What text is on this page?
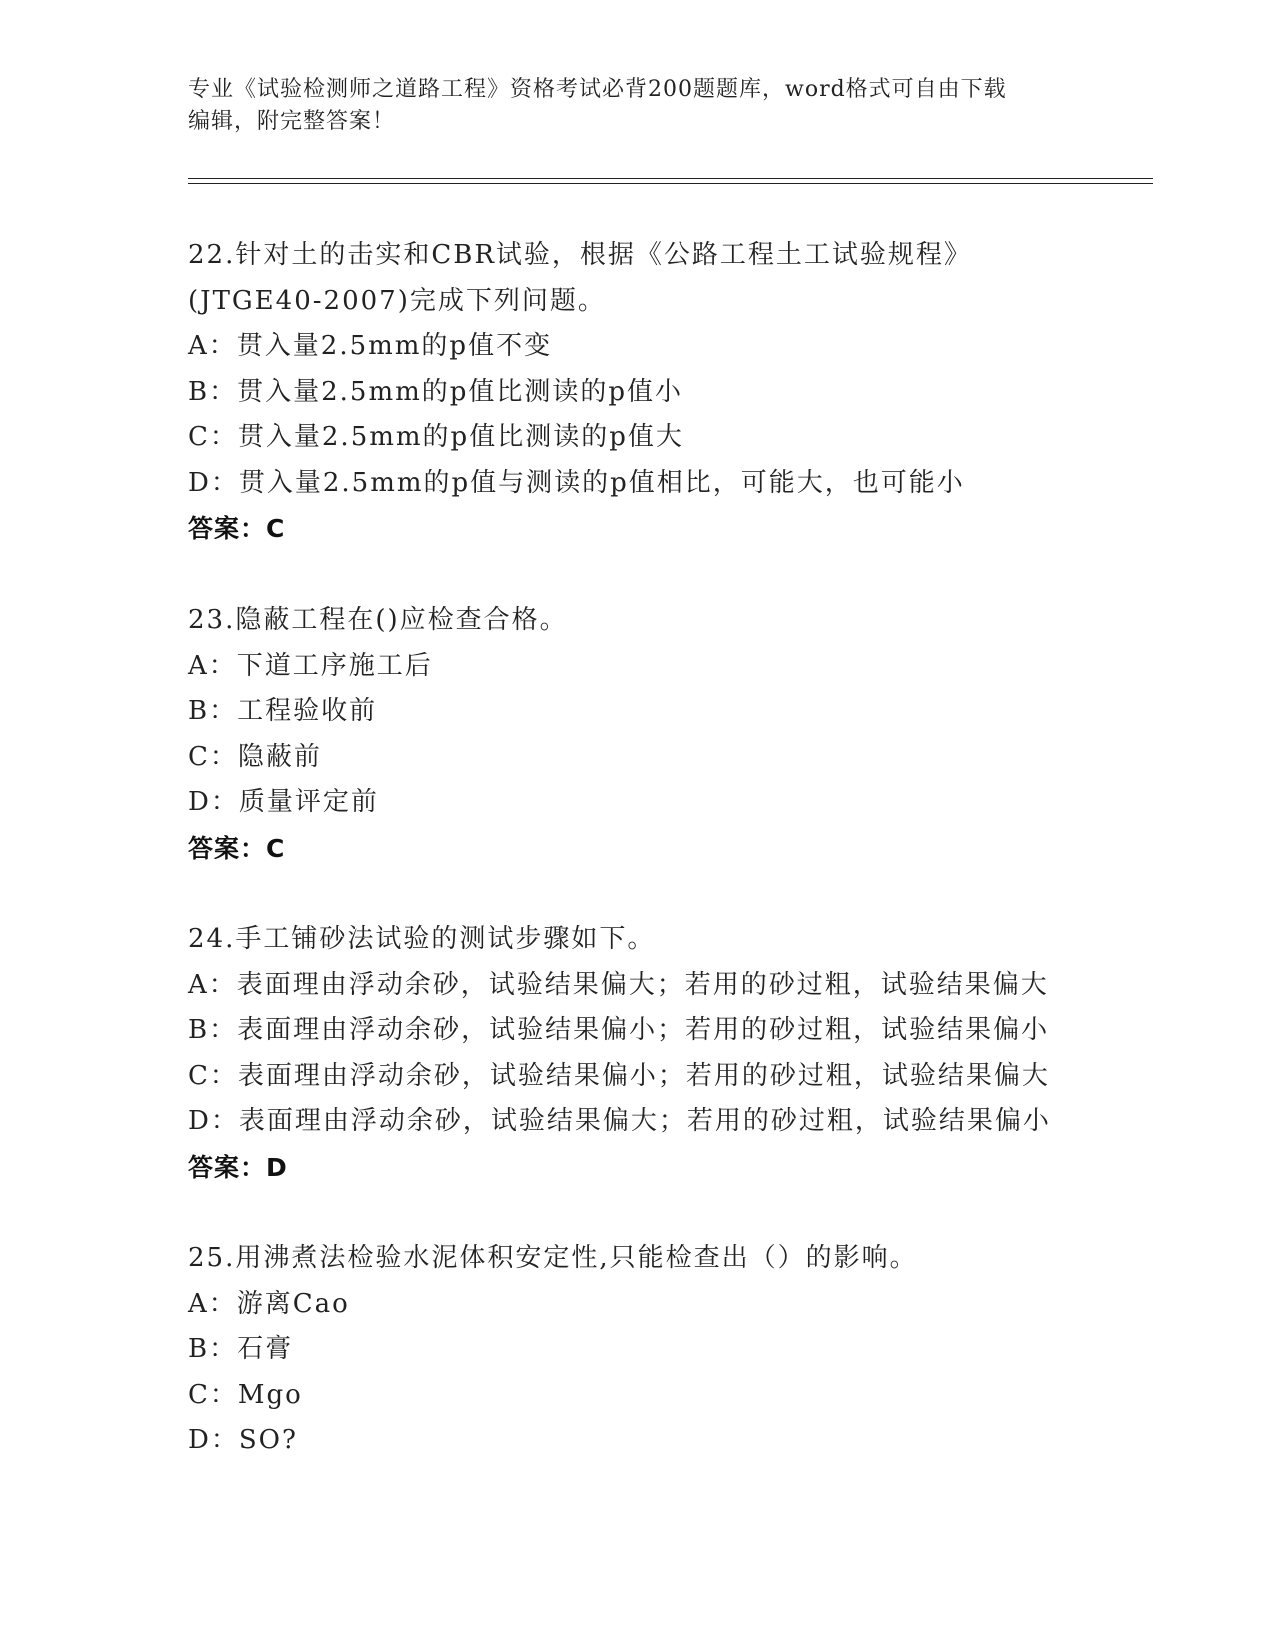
专业《试验检测师之道路工程》资格考试必背200题题库，word格式可自由下载
编辑，附完整答案！
22.针对土的击实和CBR试验，根据《公路工程土工试验规程》
(JTGE40-2007)完成下列问题。
A：贯入量2.5mm的p值不变
B：贯入量2.5mm的p值比测读的p值小
C：贯入量2.5mm的p值比测读的p值大
D：贯入量2.5mm的p值与测读的p值相比，可能大，也可能小
答案：C
23.隐蔽工程在()应检查合格。
A：下道工序施工后
B：工程验收前
C：隐蔽前
D：质量评定前
答案：C
24.手工铺砂法试验的测试步骤如下。
A：表面理由浮动余砂，试验结果偏大；若用的砂过粗，试验结果偏大
B：表面理由浮动余砂，试验结果偏小；若用的砂过粗，试验结果偏小
C：表面理由浮动余砂，试验结果偏小；若用的砂过粗，试验结果偏大
D：表面理由浮动余砂，试验结果偏大；若用的砂过粗，试验结果偏小
答案：D
25.用沸煮法检验水泥体积安定性,只能检查出（）的影响。
A：游离Cao
B：石膏
C：Mgo
D：SO?
